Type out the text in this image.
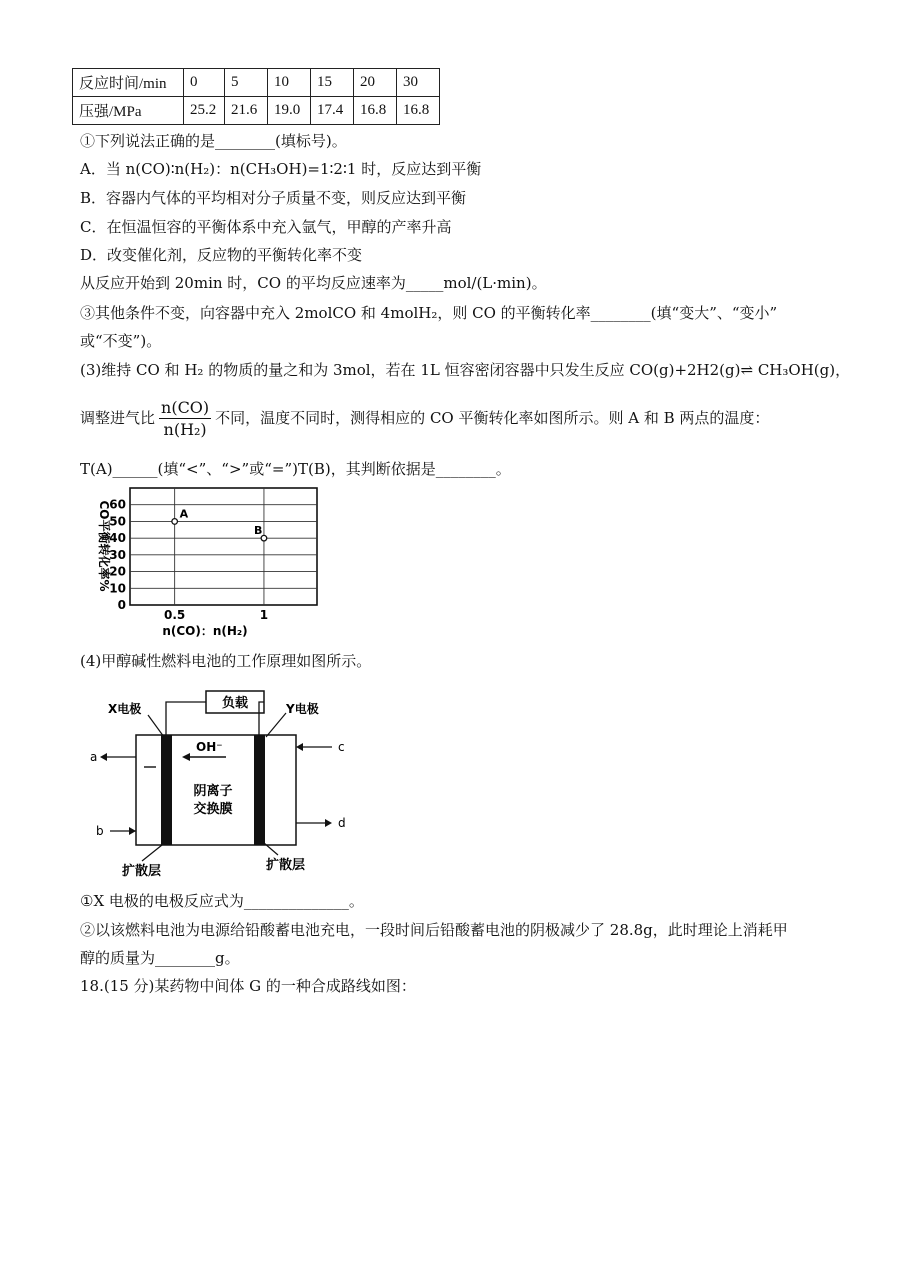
反应时间/min	0	5	10	15	20	30
压强/MPa	25.2	21.6	19.0	17.4	16.8	16.8
①下列说法正确的是________(填标号)。
A．当 n(CO)∶n(H₂)：n(CH₃OH)=1∶2∶1 时，反应达到平衡
B．容器内气体的平均相对分子质量不变，则反应达到平衡
C．在恒温恒容的平衡体系中充入氩气，甲醇的产率升高
D．改变催化剂，反应物的平衡转化率不变
从反应开始到 20min 时，CO 的平均反应速率为_____mol/(L·min)。
③其他条件不变，向容器中充入 2molCO 和 4molH₂，则 CO 的平衡转化率________(填“变大”、“变小”
或“不变”)。
(3)维持 CO 和 H₂ 的物质的量之和为 3mol，若在 1L 恒容密闭容器中只发生反应 CO(g)+2H2(g)⇌ CH₃OH(g)，
调整进气比 $\frac{n(CO)}{\text{n(H₂)}}$ 不同，温度不同时，测得相应的 CO 平衡转化率如图所示。则 A 和 B 两点的温度：
T(A)______(填“<”、“>”或“=”)T(B)，其判断依据是________。
CO平衡转化率%
0
10
20
30
40
50
60
0.5	1
A
B
n(CO)：n(H₂)
(4)甲醇碱性燃料电池的工作原理如图所示。
负载
X电极	Y电极
OH⁻
阴离子
交换膜
a
b
c
d
扩散层	扩散层
①X 电极的电极反应式为______________。
②以该燃料电池为电源给铅酸蓄电池充电，一段时间后铅酸蓄电池的阴极减少了 28.8g，此时理论上消耗甲
醇的质量为________g。
18.(15 分)某药物中间体 G 的一种合成路线如图：
